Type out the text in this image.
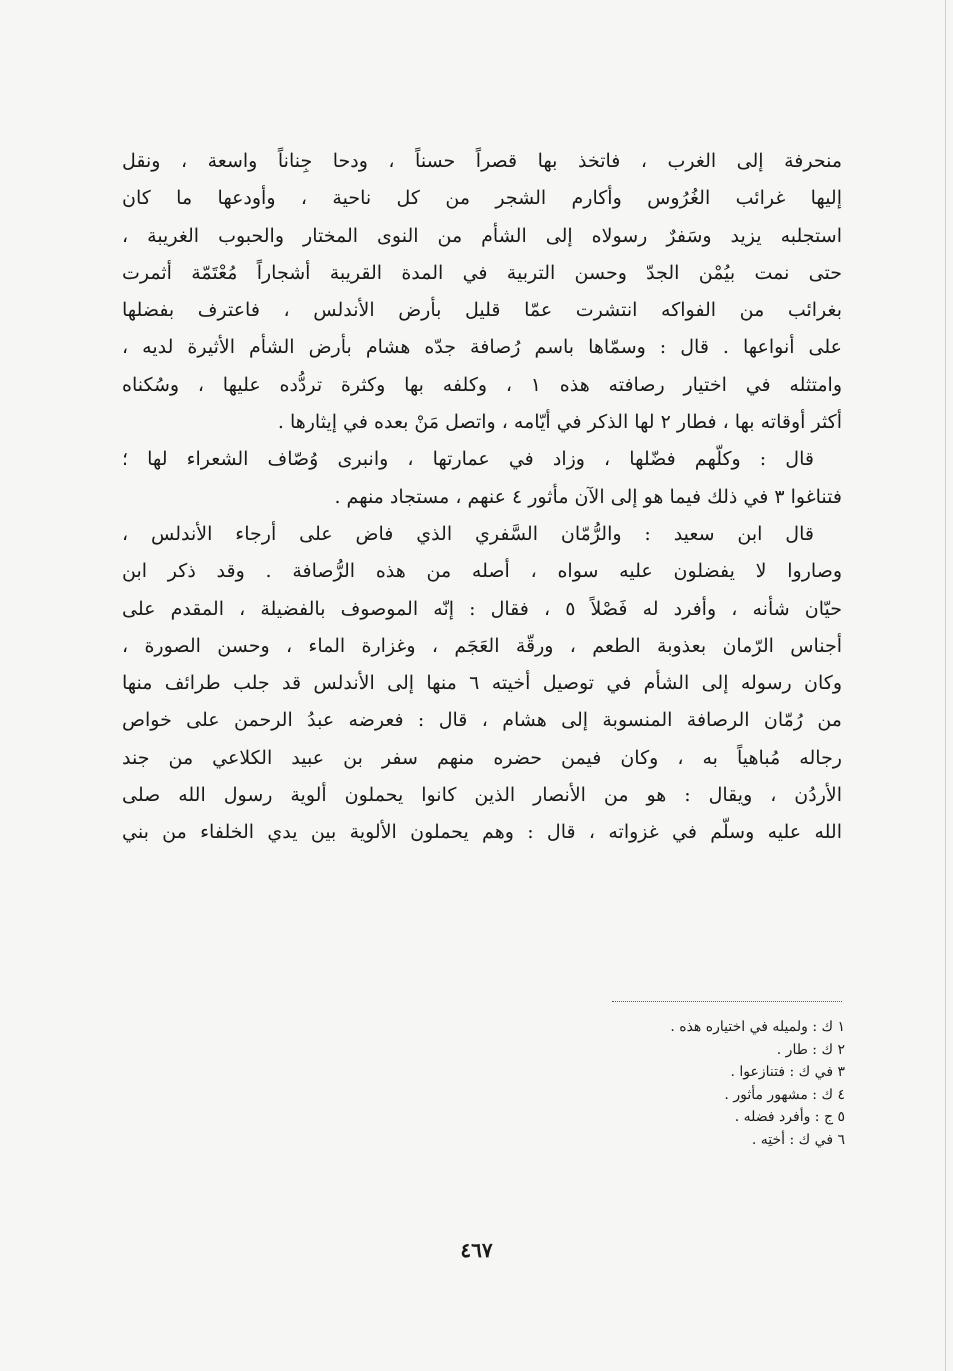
منحرفة إلى الغرب ، فاتخذ بها قصراً حسناً ، ودحا جِناناً واسعة ، ونقل
إليها غرائب الغُرُوس وأكارم الشجر من كل ناحية ، وأودعها ما كان
استجلبه يزيد وسَفرٌ رسولاه إلى الشأم من النوى المختار والحبوب الغريبة ،
حتى نمت بيُمْن الجدّ وحسن التربية في المدة القريبة أشجاراً مُعْتَمّة أثمرت
بغرائب من الفواكه انتشرت عمّا قليل بأرض الأندلس ، فاعترف بفضلها
على أنواعها . قال : وسمّاها باسم رُصافة جدّه هشام بأرض الشأم الأثيرة لديه ،
وامتثله في اختيار رصافته هذه ١ ، وكلفه بها وكثرة تردُّده عليها ، وسُكناه
أكثر أوقاته بها ، فطار ٢ لها الذكر في أيّامه ، واتصل مَنْ بعده في إيثارها .
قال : وكلّهم فضّلها ، وزاد في عمارتها ، وانبرى وُصّاف الشعراء لها ؛
فتناغوا ٣ في ذلك فيما هو إلى الآن مأثور ٤ عنهم ، مستجاد منهم .
قال ابن سعيد : والرُّمّان السَّفري الذي فاض على أرجاء الأندلس ،
وصاروا لا يفضلون عليه سواه ، أصله من هذه الرُّصافة . وقد ذكر ابن
حيّان شأنه ، وأفرد له فَصْلاً ٥ ، فقال : إنّه الموصوف بالفضيلة ، المقدم على
أجناس الرّمان بعذوبة الطعم ، ورقّة العَجَم ، وغزارة الماء ، وحسن الصورة ،
وكان رسوله إلى الشأم في توصيل أخيته ٦ منها إلى الأندلس قد جلب طرائف منها
من رُمّان الرصافة المنسوبة إلى هشام ، قال : فعرضه عبدُ الرحمن على خواص
رجاله مُباهياً به ، وكان فيمن حضره منهم سفر بن عبيد الكلاعي من جند
الأردُن ، ويقال : هو من الأنصار الذين كانوا يحملون ألوية رسول الله صلى
الله عليه وسلّم في غزواته ، قال : وهم يحملون الألوية بين يدي الخلفاء من بني
١ ك : ولميله في اختياره هذه .
٢ ك : طار .
٣ في ك : فتنازعوا .
٤ ك : مشهور مأثور .
٥ ج : وأفرد فضله .
٦ في ك : أختِه .
٤٦٧
